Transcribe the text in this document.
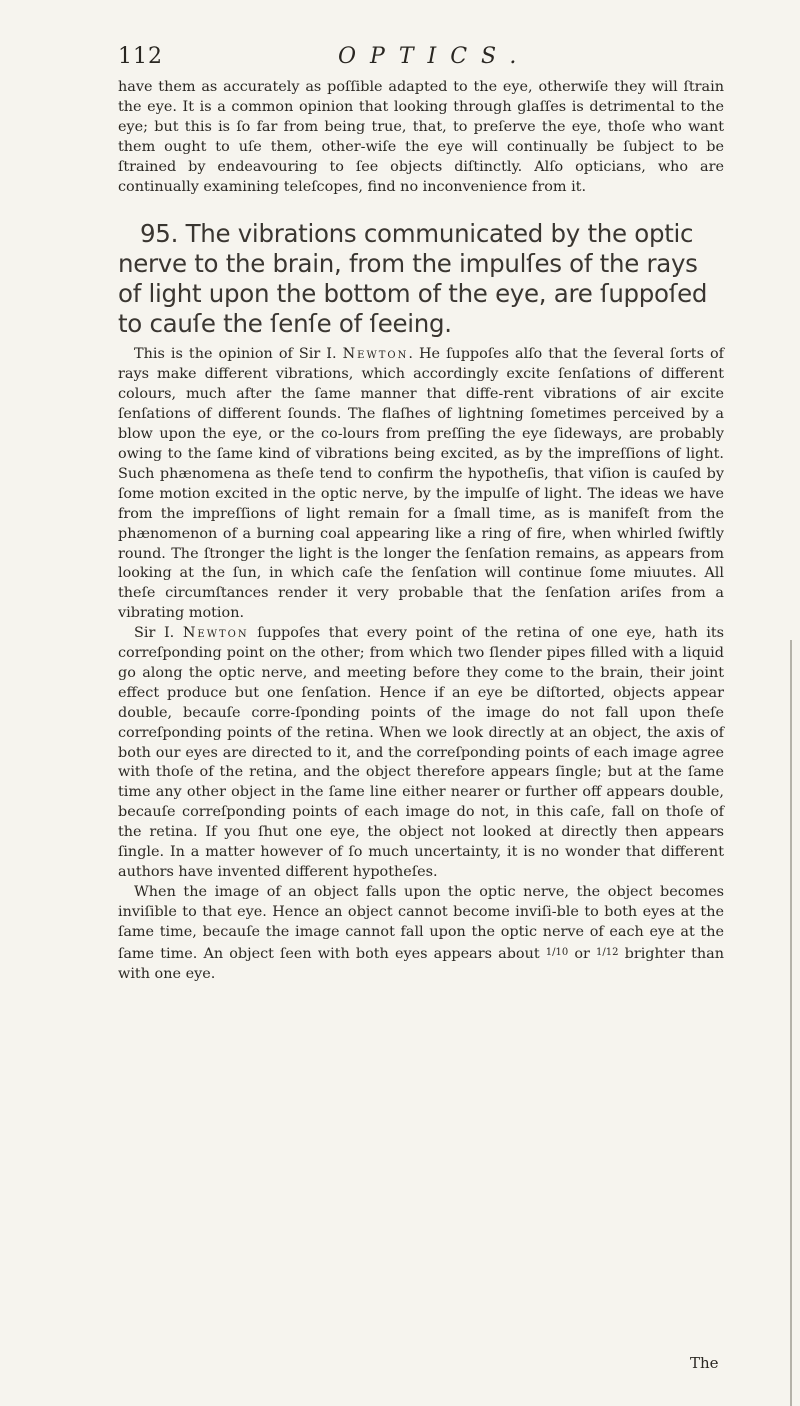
112	OPTICS.

have them as accurately as poſſible adapted to the eye, otherwiſe they will ſtrain the eye. It is a common opinion that looking through glaſſes is detrimental to the eye; but this is ſo far from being true, that, to preſerve the eye, thoſe who want them ought to uſe them, other-wiſe the eye will continually be ſubject to be ſtrained by endeavouring to ſee objects diſtinctly. Alſo opticians, who are continually examining teleſcopes, find no inconvenience from it.

95. The vibrations communicated by the optic nerve to the brain, from the impulſes of the rays of light upon the bottom of the eye, are ſuppoſed to cauſe the ſenſe of ſeeing.

This is the opinion of Sir I. Newton. He ſuppoſes alſo that the ſeveral ſorts of rays make different vibrations, which accordingly excite ſenſations of different colours, much after the ſame manner that diffe-rent vibrations of air excite ſenſations of different ſounds. The flaſhes of lightning ſometimes perceived by a blow upon the eye, or the co-lours from preſſing the eye ſideways, are probably owing to the ſame kind of vibrations being excited, as by the impreſſions of light. Such phænomena as theſe tend to confirm the hypotheſis, that viſion is cauſed by ſome motion excited in the optic nerve, by the impulſe of light. The ideas we have from the impreſſions of light remain for a ſmall time, as is manifeſt from the phænomenon of a burning coal appearing like a ring of fire, when whirled ſwiftly round. The ſtronger the light is the longer the ſenſation remains, as appears from looking at the ſun, in which caſe the ſenſation will continue ſome miuutes. All theſe circumſtances render it very probable that the ſenſation ariſes from a vibrating motion.

Sir I. Newton ſuppoſes that every point of the retina of one eye, hath its correſponding point on the other; from which two ſlender pipes filled with a liquid go along the optic nerve, and meeting before they come to the brain, their joint effect produce but one ſenſation. Hence if an eye be diſtorted, objects appear double, becauſe corre-ſponding points of the image do not fall upon theſe correſponding points of the retina. When we look directly at an object, the axis of both our eyes are directed to it, and the correſponding points of each image agree with thoſe of the retina, and the object therefore appears ſingle; but at the ſame time any other object in the ſame line either nearer or further off appears double, becauſe correſponding points of each image do not, in this caſe, fall on thoſe of the retina. If you ſhut one eye, the object not looked at directly then appears ſingle. In a matter however of ſo much uncertainty, it is no wonder that different authors have invented different hypotheſes.

When the image of an object falls upon the optic nerve, the object becomes inviſible to that eye. Hence an object cannot become inviſi-ble to both eyes at the ſame time, becauſe the image cannot fall upon the optic nerve of each eye at the ſame time. An object ſeen with both eyes appears about $^{1/10}$ or $^{1/12}$ brighter than with one eye.

The
